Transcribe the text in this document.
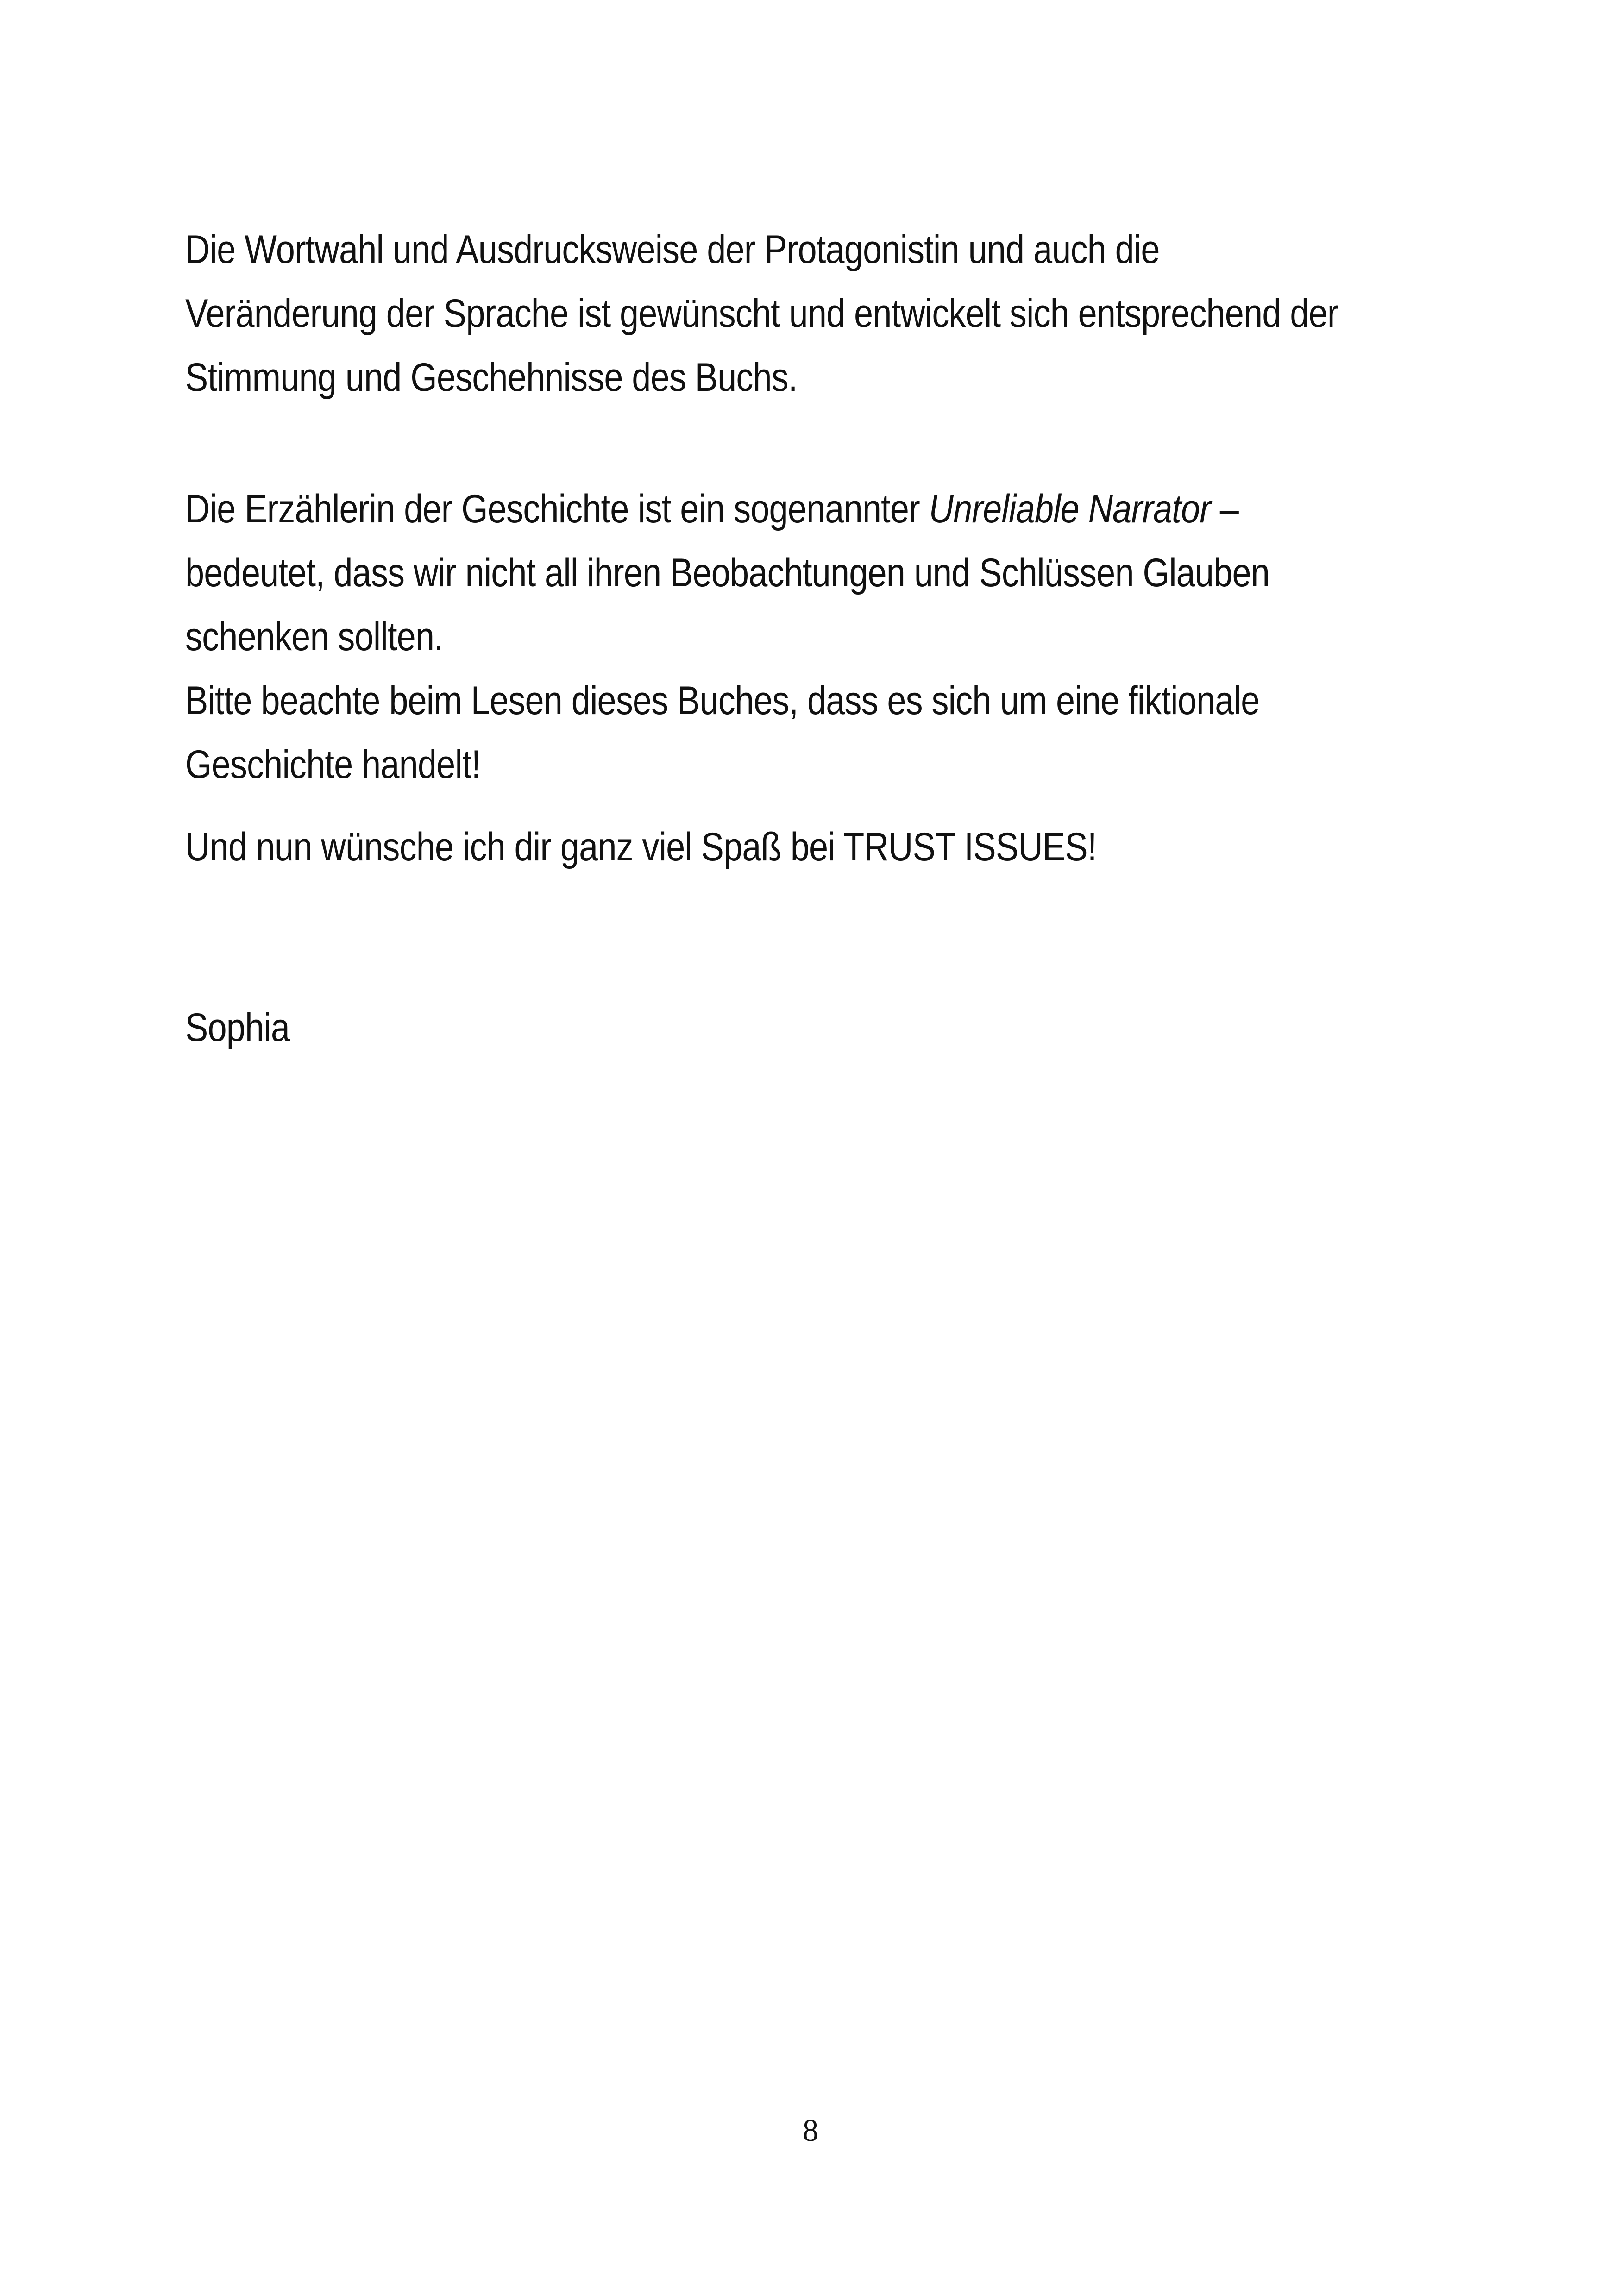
Die Wortwahl und Ausdrucksweise der Protagonistin und auch die
Veränderung der Sprache ist gewünscht und entwickelt sich entsprechend der
Stimmung und Geschehnisse des Buchs.
Die Erzählerin der Geschichte ist ein sogenannter Unreliable Narrator –
bedeutet, dass wir nicht all ihren Beobachtungen und Schlüssen Glauben
schenken sollten.
Bitte beachte beim Lesen dieses Buches, dass es sich um eine fiktionale
Geschichte handelt!
Und nun wünsche ich dir ganz viel Spaß bei TRUST ISSUES!
Sophia
8
